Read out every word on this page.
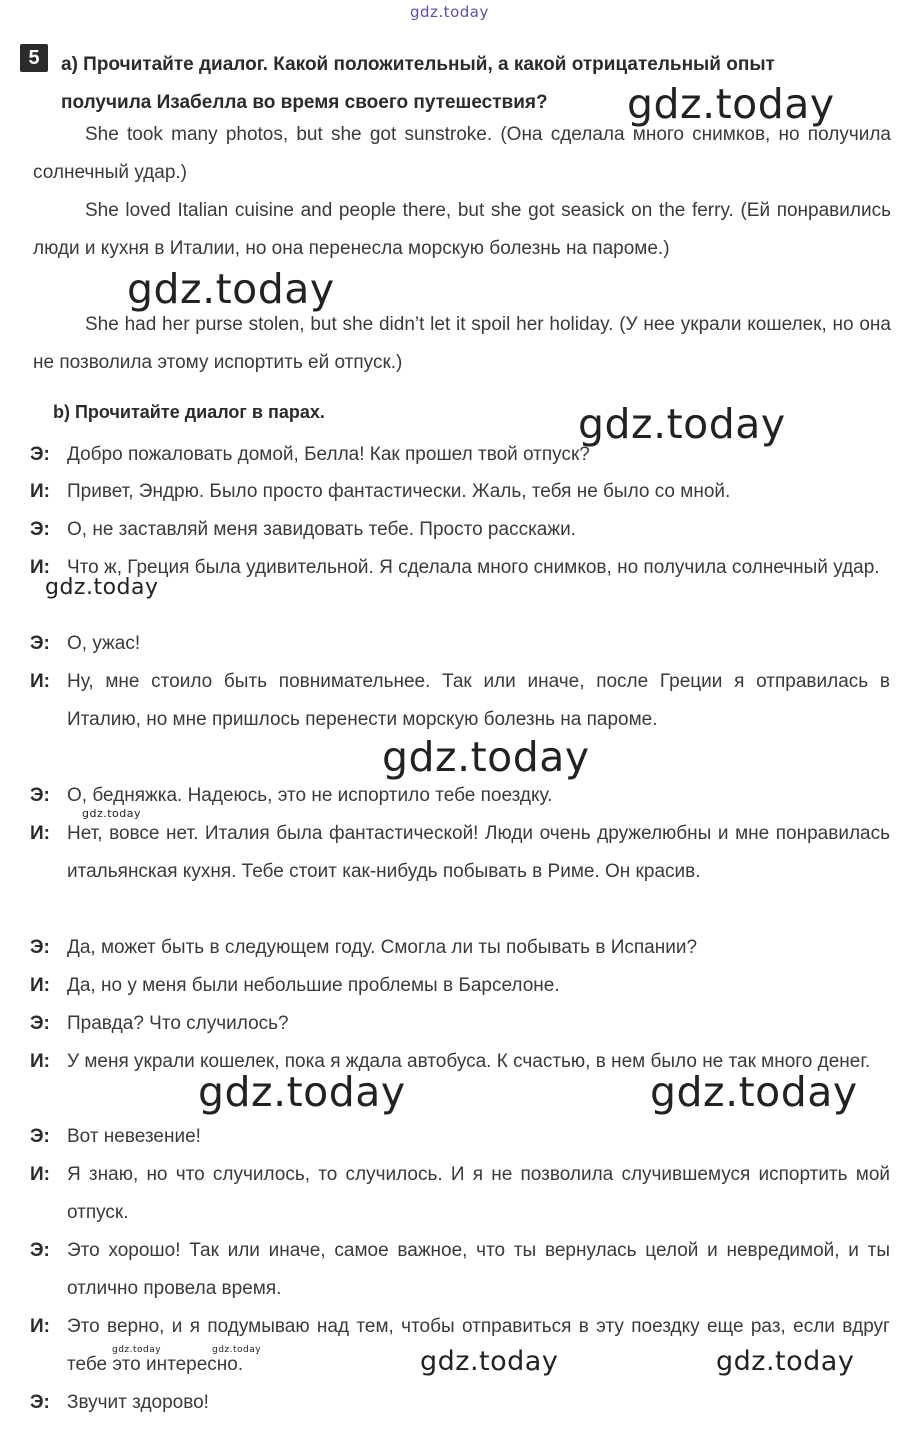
gdz.today
5	a) Прочитайте диалог. Какой положительный, а какой отрицательный опыт
получила Изабелла во время своего путешествия?
She took many photos, but she got sunstroke. (Она сделала много снимков, но получила солнечный удар.)
She loved Italian cuisine and people there, but she got seasick on the ferry. (Ей понравились люди и кухня в Италии, но она перенесла морскую болезнь на пароме.)
She had her purse stolen, but she didn’t let it spoil her holiday. (У нее украли кошелек, но она не позволила этому испортить ей отпуск.)
b) Прочитайте диалог в парах.
Э: Добро пожаловать домой, Белла! Как прошел твой отпуск?
И: Привет, Эндрю. Было просто фантастически. Жаль, тебя не было со мной.
Э: О, не заставляй меня завидовать тебе. Просто расскажи.
И: Что ж, Греция была удивительной. Я сделала много снимков, но получила солнечный удар.
Э: О, ужас!
И: Ну, мне стоило быть повнимательнее. Так или иначе, после Греции я отправилась в Италию, но мне пришлось перенести морскую болезнь на пароме.
Э: О, бедняжка. Надеюсь, это не испортило тебе поездку.
И: Нет, вовсе нет. Италия была фантастической! Люди очень дружелюбны и мне понравилась итальянская кухня. Тебе стоит как-нибудь побывать в Риме. Он красив.
Э: Да, может быть в следующем году. Смогла ли ты побывать в Испании?
И: Да, но у меня были небольшие проблемы в Барселоне.
Э: Правда? Что случилось?
И: У меня украли кошелек, пока я ждала автобуса. К счастью, в нем было не так много денег.
Э: Вот невезение!
И: Я знаю, но что случилось, то случилось. И я не позволила случившемуся испортить мой отпуск.
Э: Это хорошо! Так или иначе, самое важное, что ты вернулась целой и невредимой, и ты отлично провела время.
И: Это верно, и я подумываю над тем, чтобы отправиться в эту поездку еще раз, если вдруг тебе это интересно.
Э: Звучит здорово!
gdz.today
gdz.today
gdz.today
gdz.today
gdz.today
gdz.today
gdz.today	gdz.today
gdz.today	gdz.today	gdz.today	gdz.today
